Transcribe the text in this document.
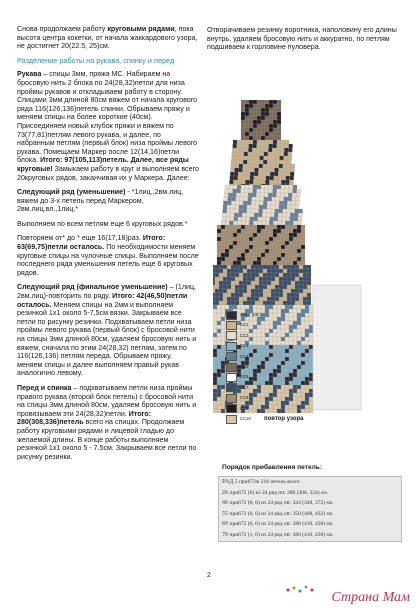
Снова продолжаем работу круговыми рядами, пока высота центра кокетки, от начала жаккардового узора, не достигнет 20(22.5, 25)см.

Разделение работы на рукава, спинку и перед

Рукава – спицы 3мм, пряжа МС. Набираем на бросовую нить 2 блока по 24(28,32)петли для низа проймы рукавов и откладываем работу в сторону. Спицами 3мм длиной 80см вяжем от начала кругового ряда 116(126,136)петель спинки. Обрываем пряжу и меняем спицы на более короткие (40см). Присоединяем новый клубок пряжи и вяжем по 73(77,81)петлям левого рукава, и далее, по набранным петлям (первый блок) низа проймы левого рукава. Помещаем Маркер после 12(14,16)петли блока. Итого: 97(105,113)петель. Далее, все ряды круговые! Замыкаем работу в круг и выполняем всего 20круговых рядов, заканчивая их у Маркера. Далее:

Следующий ряд (уменьшение) - *1лиц.,2вм.лиц, вяжем до 3-х петель перед Маркером, 2вм.лиц.вл.,1лиц.*

Выполняем по всем петлям еще 6 круговых рядов.*

Повторяем от* до * еще 16(17,18)раз. Итого: 63(69,75)петли осталось. По необходимости меняем круговые спицы на чулочные спицы. Выполняем после последнего ряда уменьшения петель еще 6 круговых рядов.

Следующий ряд (финальное уменьшение) – (1лиц, 2вм.лиц)-повторить по ряду. Итого: 42(46,50)петли осталось. Меняем спицы на 2мм и выполняем резинкой 1х1 около 5-7,5см вязки. Закрываем все петли по рисунку резинки. Подхватываем петли низа проймы левого рукава (первый блок) с бросовой нити на спицы 3мм длиной 80см, удаляем бросовую нить и вяжем, сначала по этим 24(28,32) петлям, затем по 116(126,136) петлям переда. Обрываем пряжу, меняем спицы и далее выполняем правый рукав аналогично левому.

Перед и спинка – подхватываем петли низа проймы правого рукава (второй блок петель) с бросовой нити на спицы 3мм длиной 80см, удаляем бросовую нить и провязываем эти 24(28,32)петли. Итого: 280(308,336)петель всего на спицах. Продолжаем работу круговыми рядами и лицевой гладью до желаемой длины. В конце работы выполняем резинкой 1х1 около 5 - 7.5см. Закрываем все петли по рисунку резинки.

Отворачиваем резинку воротника, наполовину его длины внутрь, удаляем бросовую нить и аккуратно, по петлям подшиваем к горловине пуловера.

Avg 1 (MC)
CC1
CC2
CC3
CC4
CC5
CC6
CC7
CC8
CC9
CC10 повтор узора
Порядок прибавления петель:
РАД 5 при672м 216 петель всего
26 при672 (6) из 24 ряд ott: 286 (306, 324) sts.
46 при672 (6, 6) из 24 ряд ott: 324 (348, 372) sts.
55 при672 (6, 6) из 24 ряд ott: 350 (408, 432) sts.
69 при672 (6, 6) из 24 ряд ott: 380 (410, 430) sts.
70 при672 (1, 0) из 24 ряд ott: 380 (410, 430) sts.
2
Страна Мам
